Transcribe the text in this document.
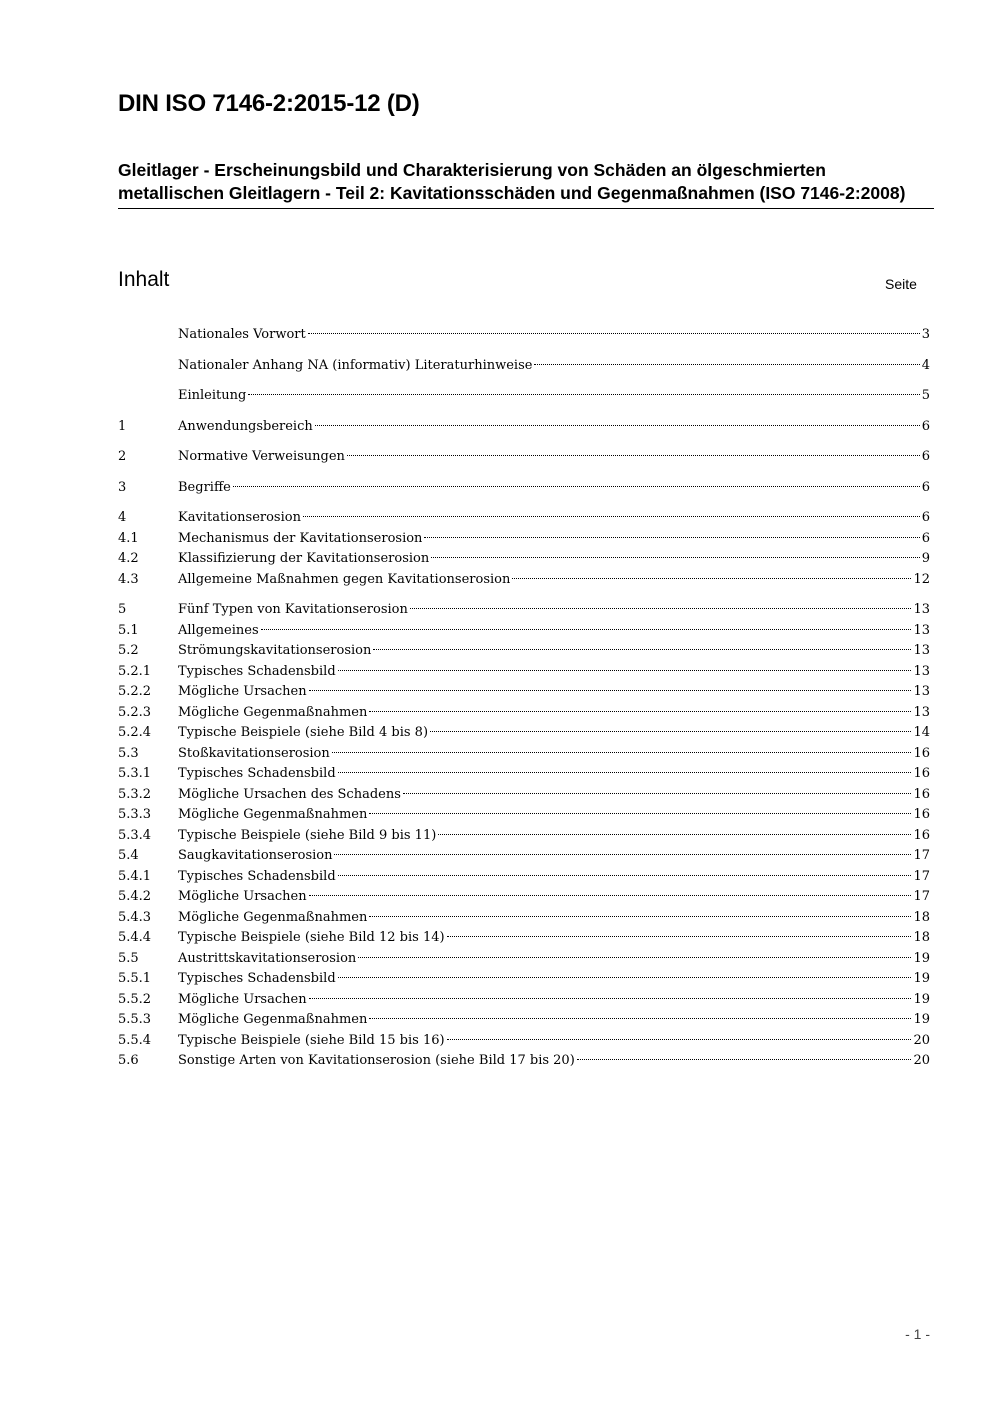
DIN ISO 7146-2:2015-12 (D)
Gleitlager - Erscheinungsbild und Charakterisierung von Schäden an ölgeschmierten metallischen Gleitlagern - Teil 2: Kavitationsschäden und Gegenmaßnahmen (ISO 7146-2:2008)
Inhalt	Seite
Nationales Vorwort	3
Nationaler Anhang NA (informativ) Literaturhinweise	4
Einleitung	5
1	Anwendungsbereich	6
2	Normative Verweisungen	6
3	Begriffe	6
4	Kavitationserosion	6
4.1	Mechanismus der Kavitationserosion	6
4.2	Klassifizierung der Kavitationserosion	9
4.3	Allgemeine Maßnahmen gegen Kavitationserosion	12
5	Fünf Typen von Kavitationserosion	13
5.1	Allgemeines	13
5.2	Strömungskavitationserosion	13
5.2.1	Typisches Schadensbild	13
5.2.2	Mögliche Ursachen	13
5.2.3	Mögliche Gegenmaßnahmen	13
5.2.4	Typische Beispiele (siehe Bild 4 bis 8)	14
5.3	Stoßkavitationserosion	16
5.3.1	Typisches Schadensbild	16
5.3.2	Mögliche Ursachen des Schadens	16
5.3.3	Mögliche Gegenmaßnahmen	16
5.3.4	Typische Beispiele (siehe Bild 9 bis 11)	16
5.4	Saugkavitationserosion	17
5.4.1	Typisches Schadensbild	17
5.4.2	Mögliche Ursachen	17
5.4.3	Mögliche Gegenmaßnahmen	18
5.4.4	Typische Beispiele (siehe Bild 12 bis 14)	18
5.5	Austrittskavitationserosion	19
5.5.1	Typisches Schadensbild	19
5.5.2	Mögliche Ursachen	19
5.5.3	Mögliche Gegenmaßnahmen	19
5.5.4	Typische Beispiele (siehe Bild 15 bis 16)	20
5.6	Sonstige Arten von Kavitationserosion (siehe Bild 17 bis 20)	20
- 1 -
